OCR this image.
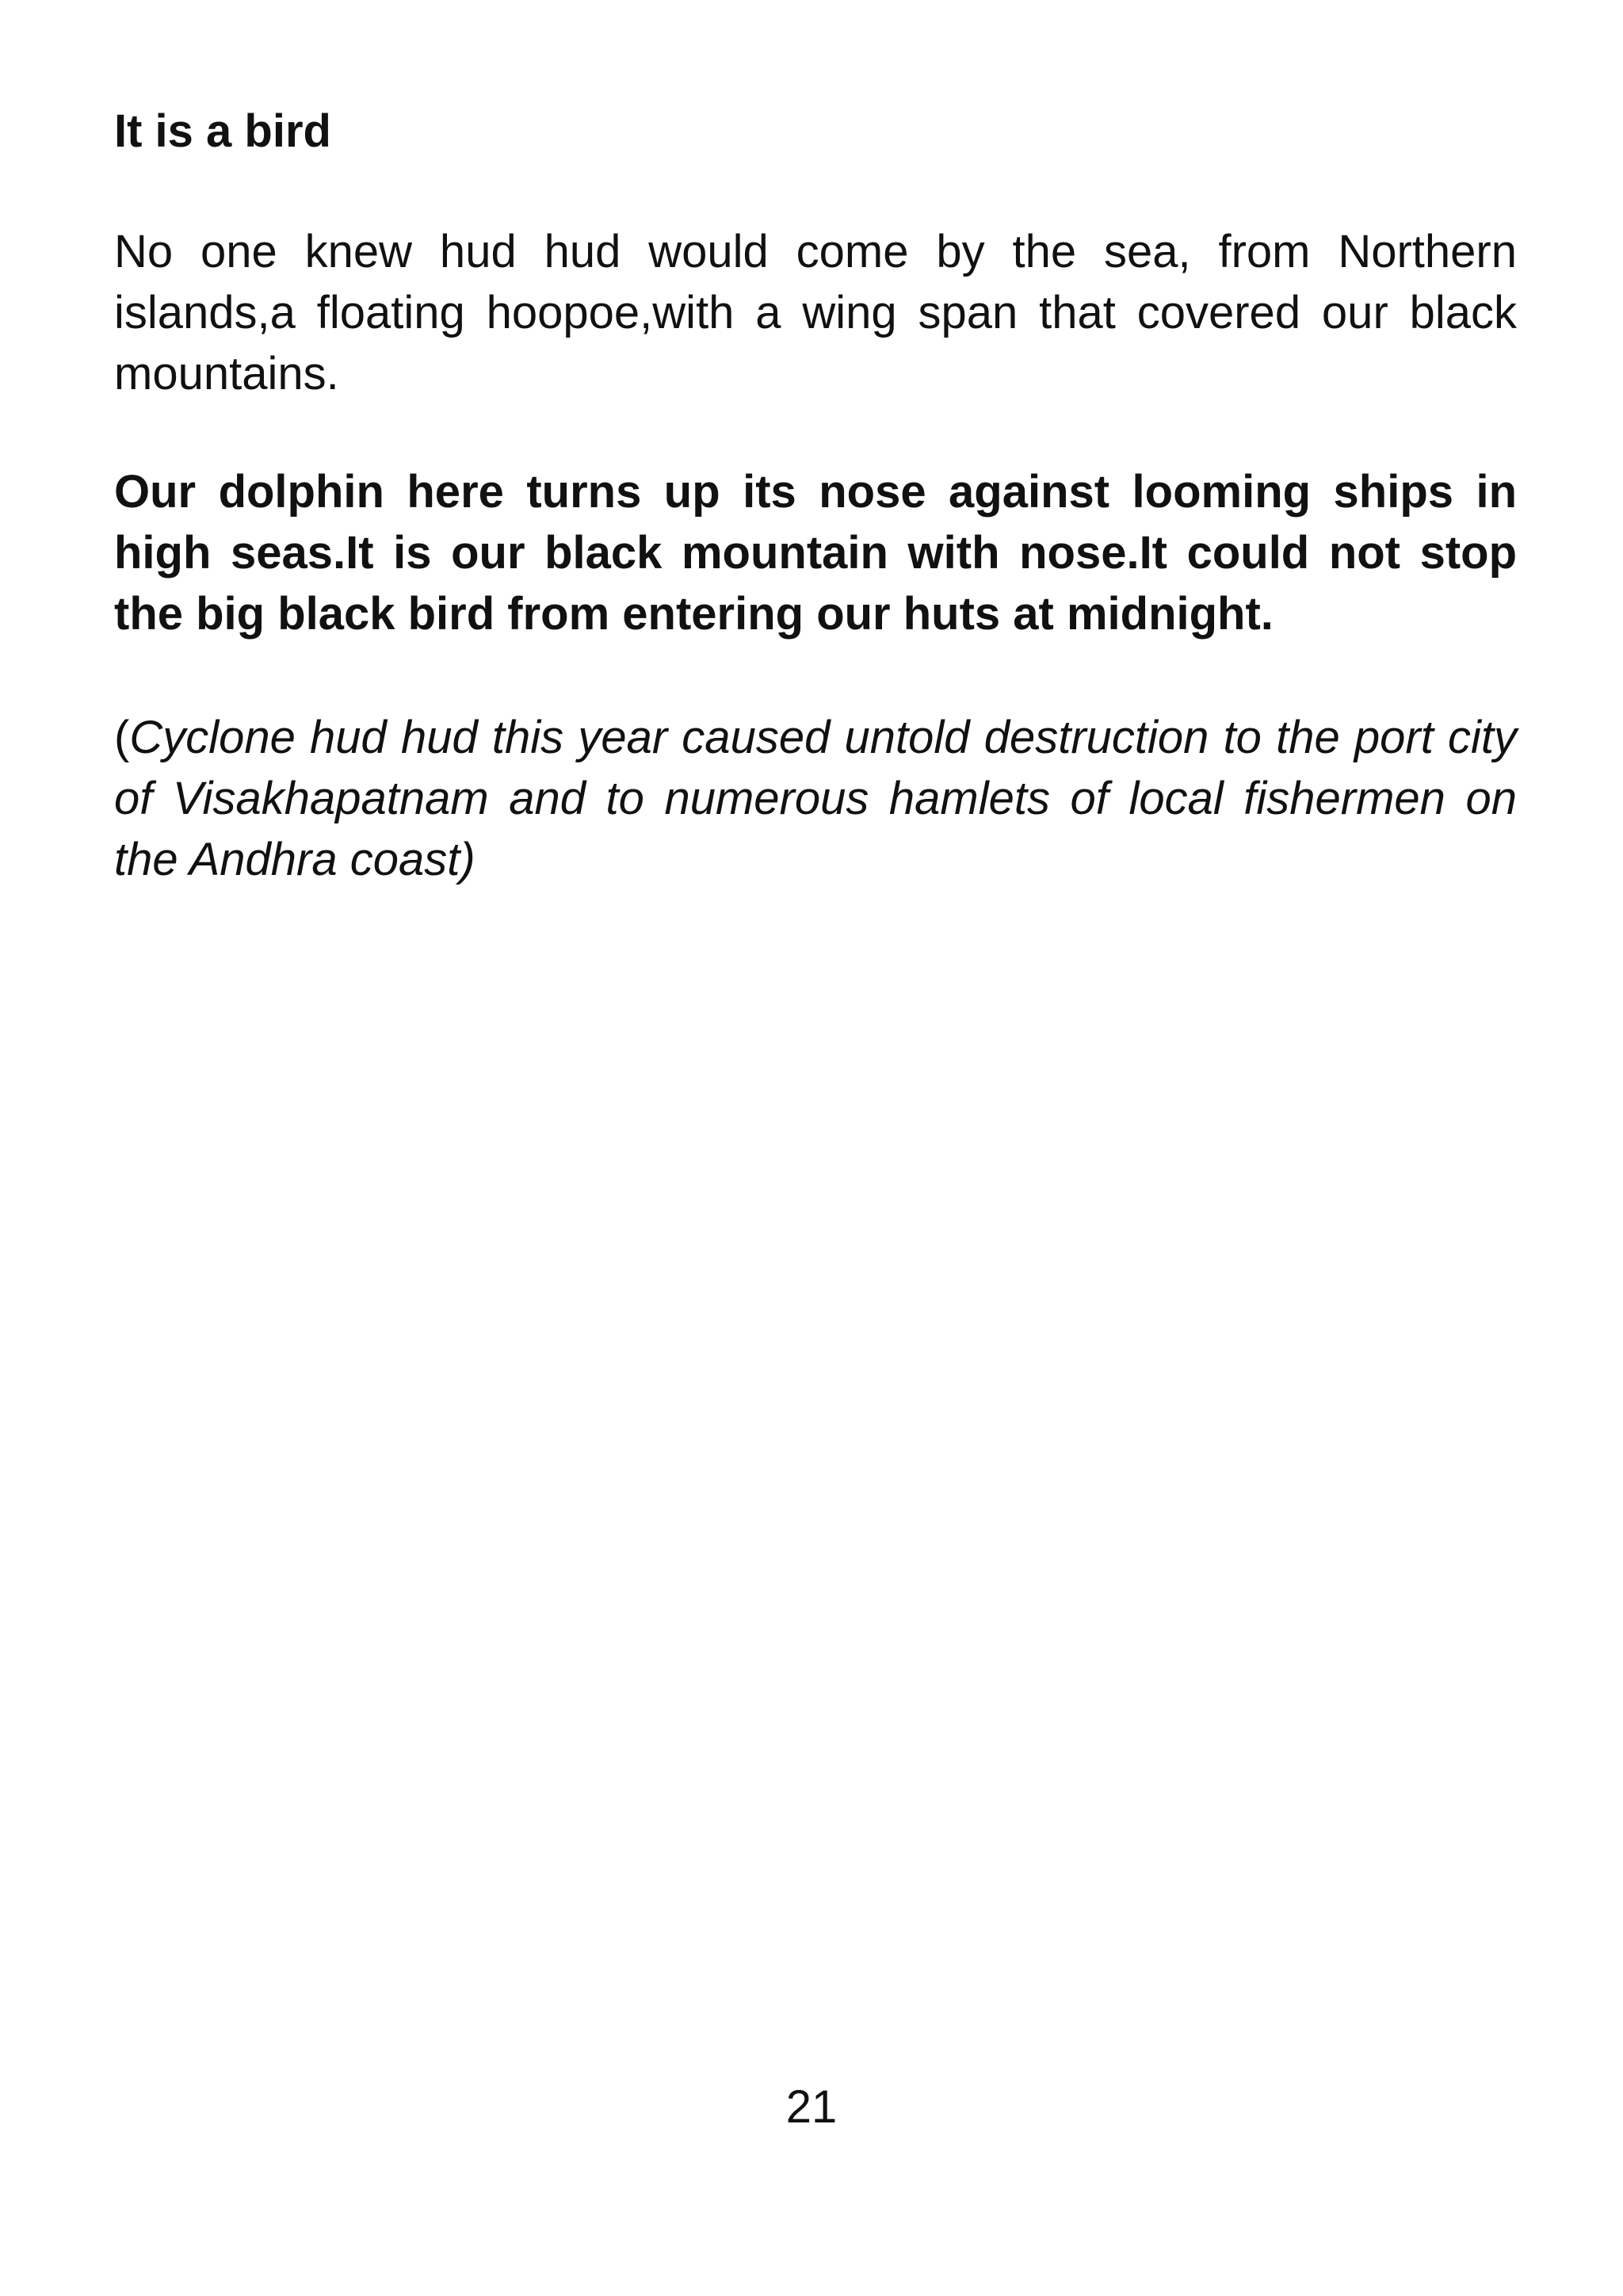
It is a bird

No one knew hud hud would come by the sea, from Northern islands,a floating hoopoe,with a wing span that covered our black mountains.

Our dolphin here turns up its nose against looming ships in high seas.It is our black mountain with nose.It could not stop the big black bird from entering our huts at midnight.

(Cyclone hud hud this year caused untold destruction to the port city of Visakhapatnam and to numerous hamlets of local fishermen on the Andhra coast)

21
